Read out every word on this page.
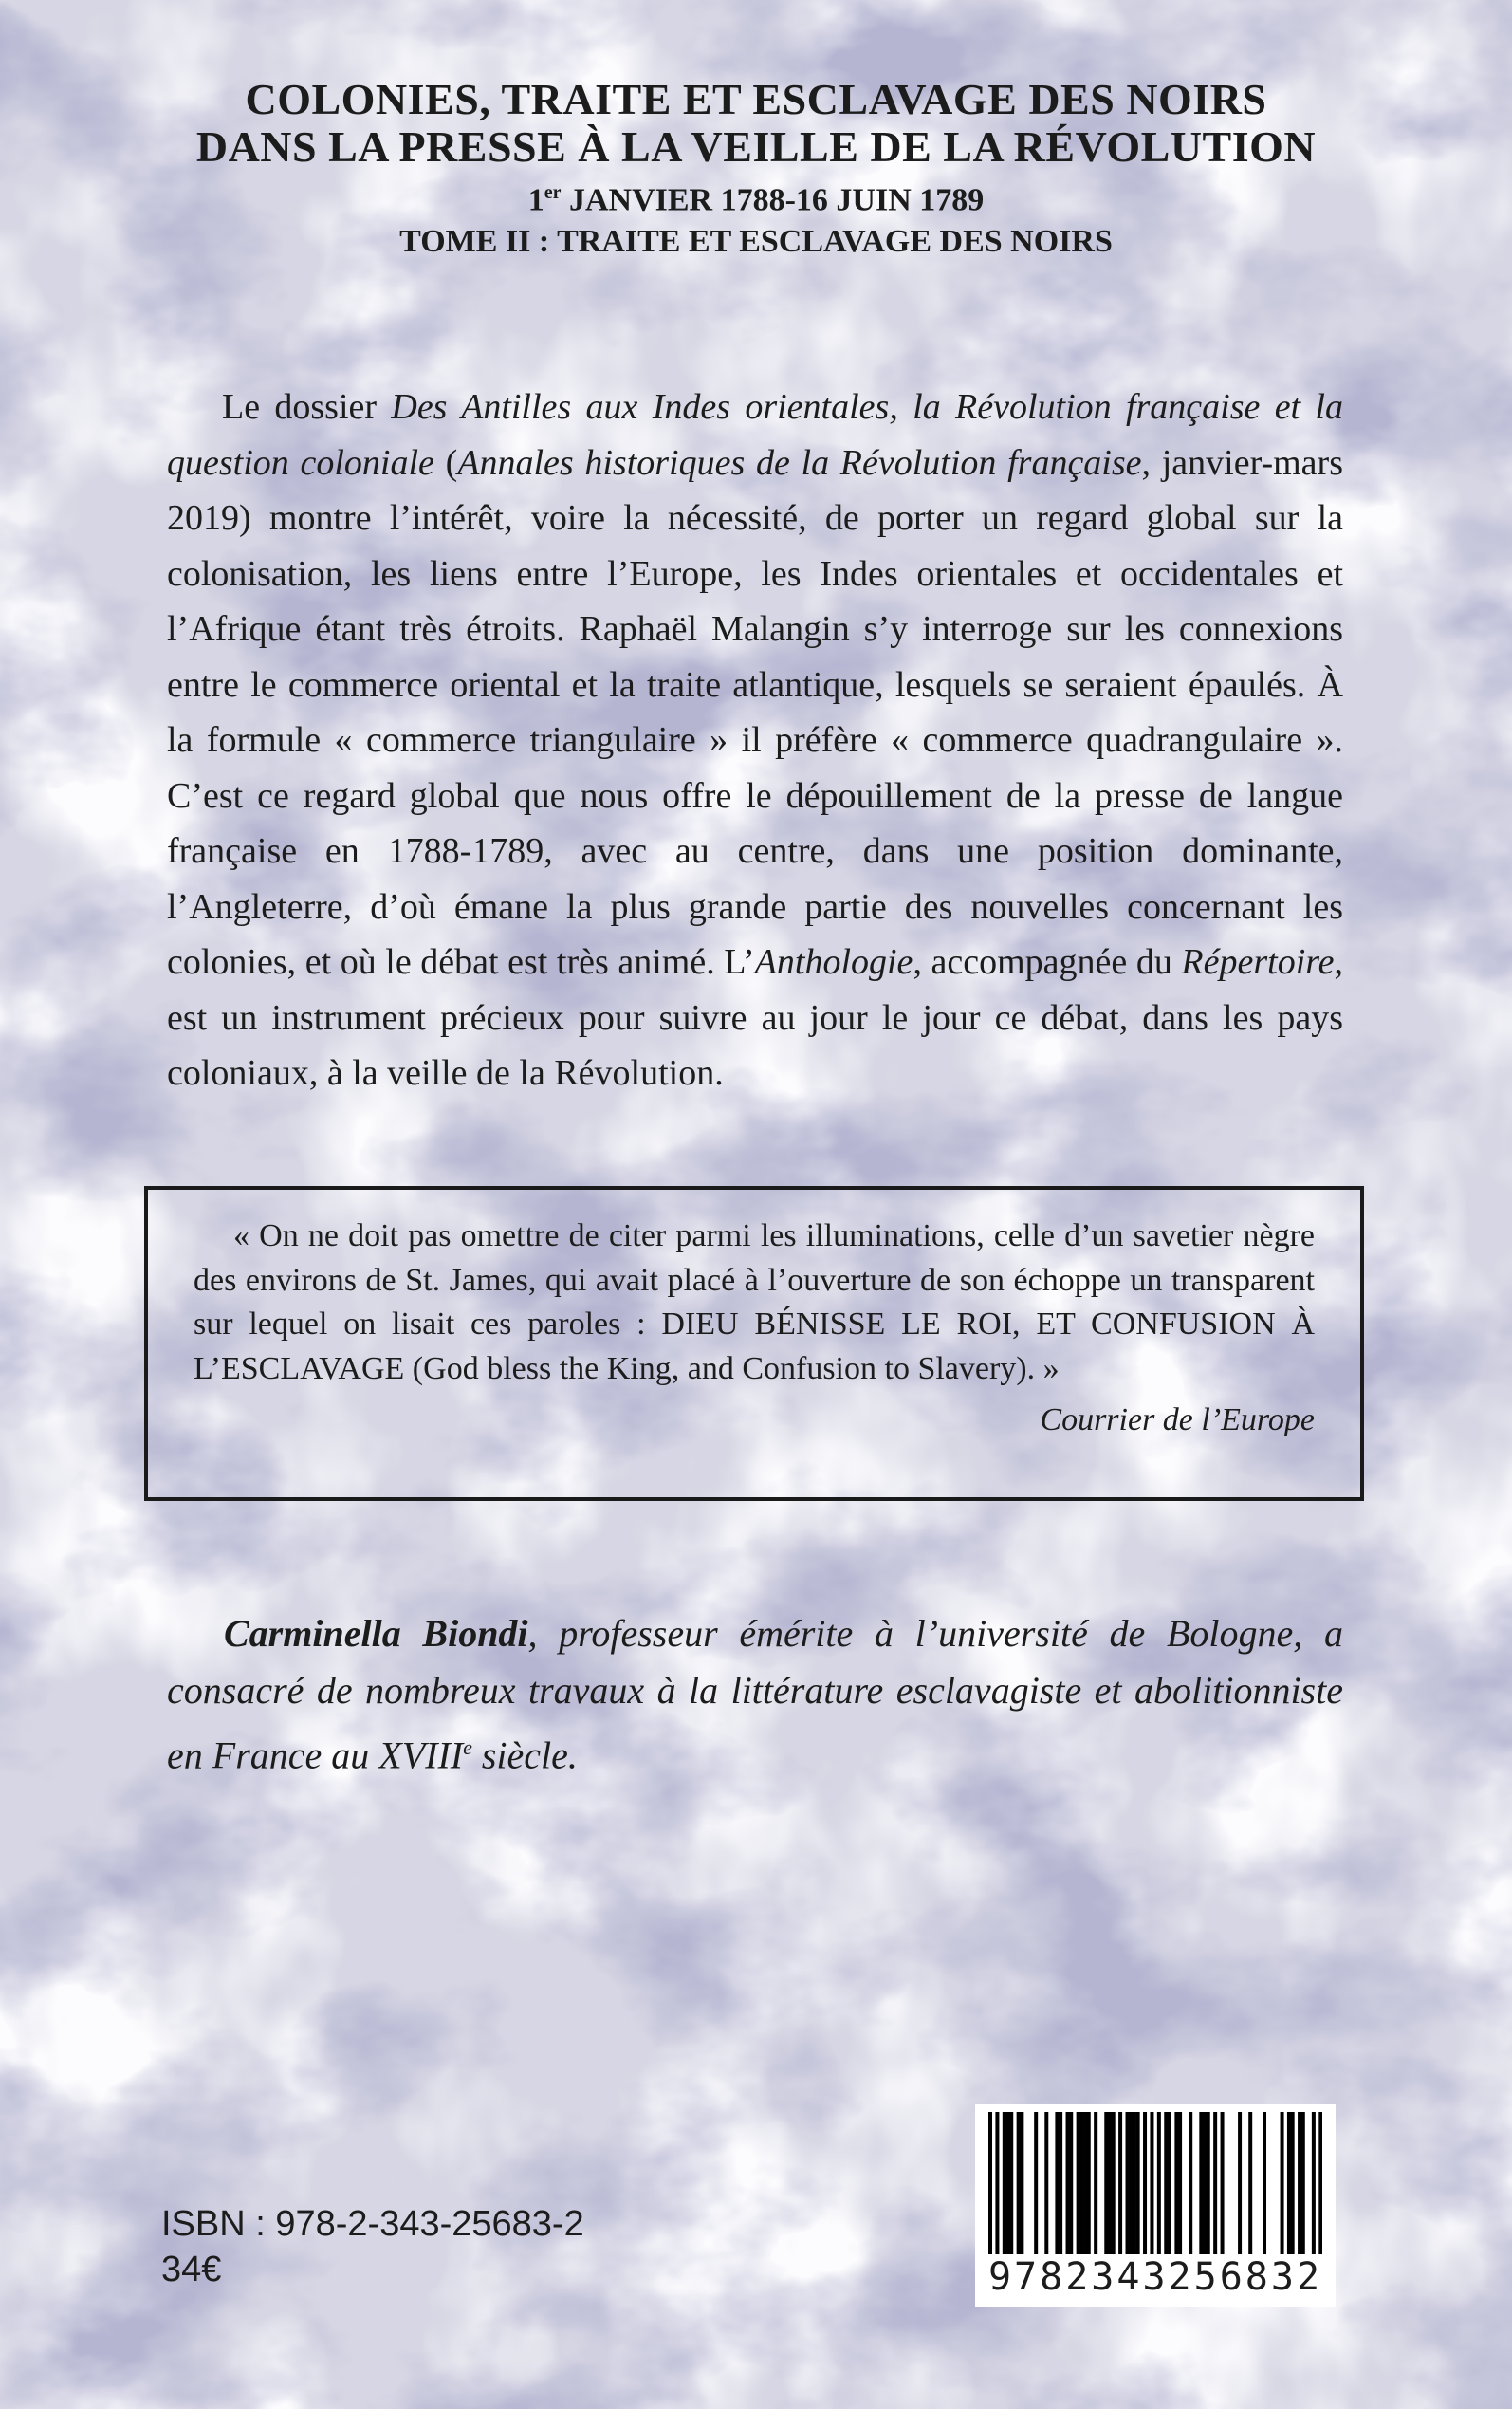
COLONIES, TRAITE ET ESCLAVAGE DES NOIRS
DANS LA PRESSE À LA VEILLE DE LA RÉVOLUTION
1er JANVIER 1788-16 JUIN 1789
TOME II : TRAITE ET ESCLAVAGE DES NOIRS

Le dossier Des Antilles aux Indes orientales, la Révolution française et la question coloniale (Annales historiques de la Révolution française, janvier-mars 2019) montre l’intérêt, voire la nécessité, de porter un regard global sur la colonisation, les liens entre l’Europe, les Indes orientales et occidentales et l’Afrique étant très étroits. Raphaël Malangin s’y interroge sur les connexions entre le commerce oriental et la traite atlantique, lesquels se seraient épaulés. À la formule « commerce triangulaire » il préfère « commerce quadrangulaire ». C’est ce regard global que nous offre le dépouillement de la presse de langue française en 1788-1789, avec au centre, dans une position dominante, l’Angleterre, d’où émane la plus grande partie des nouvelles concernant les colonies, et où le débat est très animé. L’Anthologie, accompagnée du Répertoire, est un instrument précieux pour suivre au jour le jour ce débat, dans les pays coloniaux, à la veille de la Révolution.

« On ne doit pas omettre de citer parmi les illuminations, celle d’un savetier nègre des environs de St. James, qui avait placé à l’ouverture de son échoppe un transparent sur lequel on lisait ces paroles : DIEU BÉNISSE LE ROI, ET CONFUSION À L’ESCLAVAGE (God bless the King, and Confusion to Slavery). »

Courrier de l’Europe

Carminella Biondi, professeur émérite à l’université de Bologne, a consacré de nombreux travaux à la littérature esclavagiste et abolitionniste en France au XVIIIe siècle.

ISBN : 978-2-343-25683-2
34€	9782343256832
